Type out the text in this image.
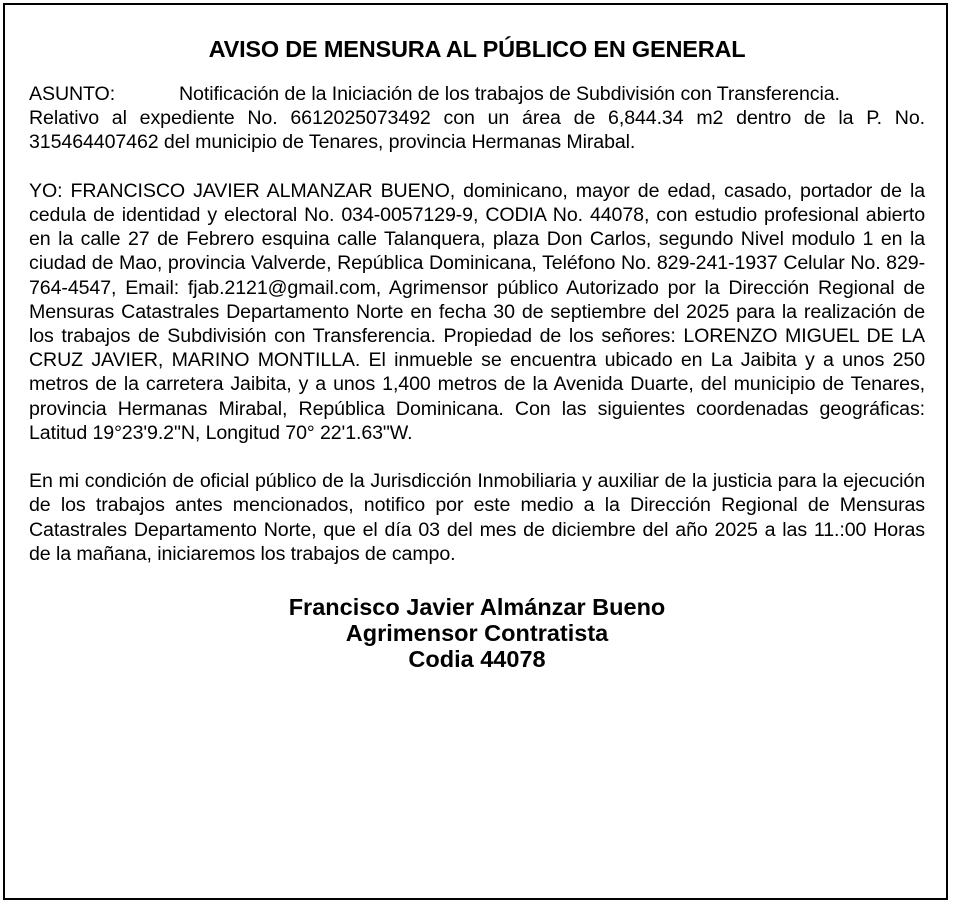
AVISO DE MENSURA AL PÚBLICO EN GENERAL

ASUNTO:	Notificación de la Iniciación de los trabajos de Subdivisión con Transferencia.

Relativo al expediente No. 6612025073492 con un área de 6,844.34 m2 dentro de la P. No. 315464407462 del municipio de Tenares, provincia Hermanas Mirabal.

YO: FRANCISCO JAVIER ALMANZAR BUENO, dominicano, mayor de edad, casado, portador de la cedula de identidad y electoral No. 034-0057129-9, CODIA No. 44078, con estudio profesional abierto en la calle 27 de Febrero esquina calle Talanquera, plaza Don Carlos, segundo Nivel modulo 1 en la ciudad de Mao, provincia Valverde, República Dominicana, Teléfono No. 829-241-1937 Celular No. 829-764-4547, Email: fjab.2121@gmail.com, Agrimensor público Autorizado por la Dirección Regional de Mensuras Catastrales Departamento Norte en fecha 30 de septiembre del 2025 para la realización de los trabajos de Subdivisión con Transferencia. Propiedad de los señores: LORENZO MIGUEL DE LA CRUZ JAVIER, MARINO MONTILLA. El inmueble se encuentra ubicado en La Jaibita y a unos 250 metros de la carretera Jaibita, y a unos 1,400 metros de la Avenida Duarte, del municipio de Tenares, provincia Hermanas Mirabal, República Dominicana. Con las siguientes coordenadas geográficas: Latitud 19°23'9.2"N, Longitud 70° 22'1.63"W.

En mi condición de oficial público de la Jurisdicción Inmobiliaria y auxiliar de la justicia para la ejecución de los trabajos antes mencionados, notifico por este medio a la Dirección Regional de Mensuras Catastrales Departamento Norte, que el día 03 del mes de diciembre del año 2025 a las 11.:00 Horas de la mañana, iniciaremos los trabajos de campo.

Francisco Javier Almánzar Bueno
Agrimensor Contratista
Codia 44078
